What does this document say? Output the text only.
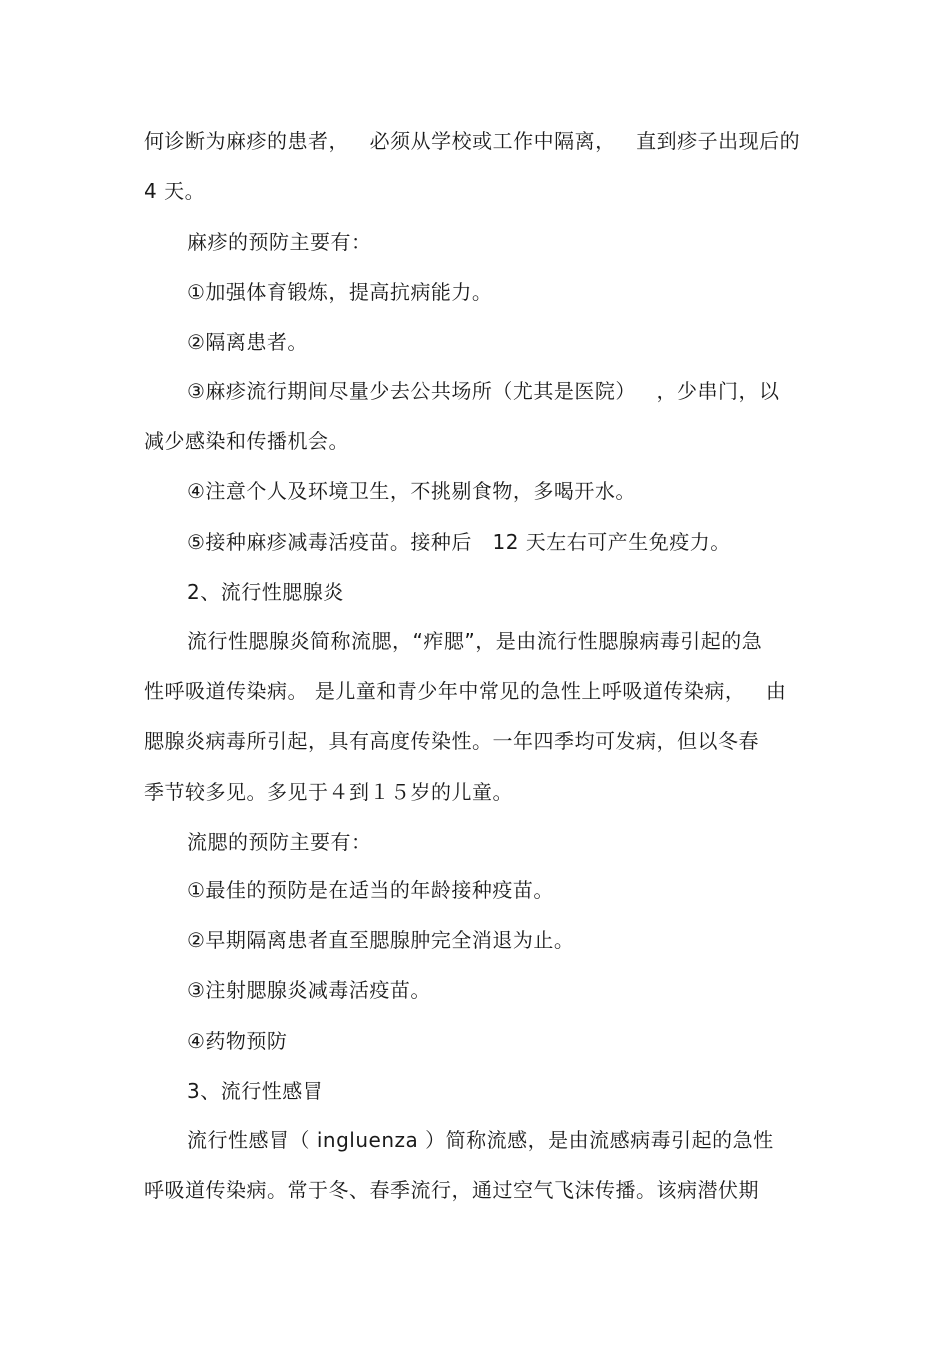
何诊断为麻疹的患者，   必须从学校或工作中隔离，   直到疹子出现后的
4 天。
麻疹的预防主要有：
①加强体育锻炼，提高抗病能力。
②隔离患者。
③麻疹流行期间尽量少去公共场所（尤其是医院）   ，少串门，以
减少感染和传播机会。
④注意个人及环境卫生，不挑剔食物，多喝开水。
⑤接种麻疹减毒活疫苗。接种后   12 天左右可产生免疫力。
2、流行性腮腺炎
流行性腮腺炎简称流腮，“痄腮”，是由流行性腮腺病毒引起的急
性呼吸道传染病。 是儿童和青少年中常见的急性上呼吸道传染病，   由
腮腺炎病毒所引起，具有高度传染性。一年四季均可发病，但以冬春
季节较多见。多见于４到１５岁的儿童。
流腮的预防主要有：
①最佳的预防是在适当的年龄接种疫苗。
②早期隔离患者直至腮腺肿完全消退为止。
③注射腮腺炎减毒活疫苗。
④药物预防
3、流行性感冒
流行性感冒（ ingluenza ）简称流感，是由流感病毒引起的急性
呼吸道传染病。常于冬、春季流行，通过空气飞沫传播。该病潜伏期
